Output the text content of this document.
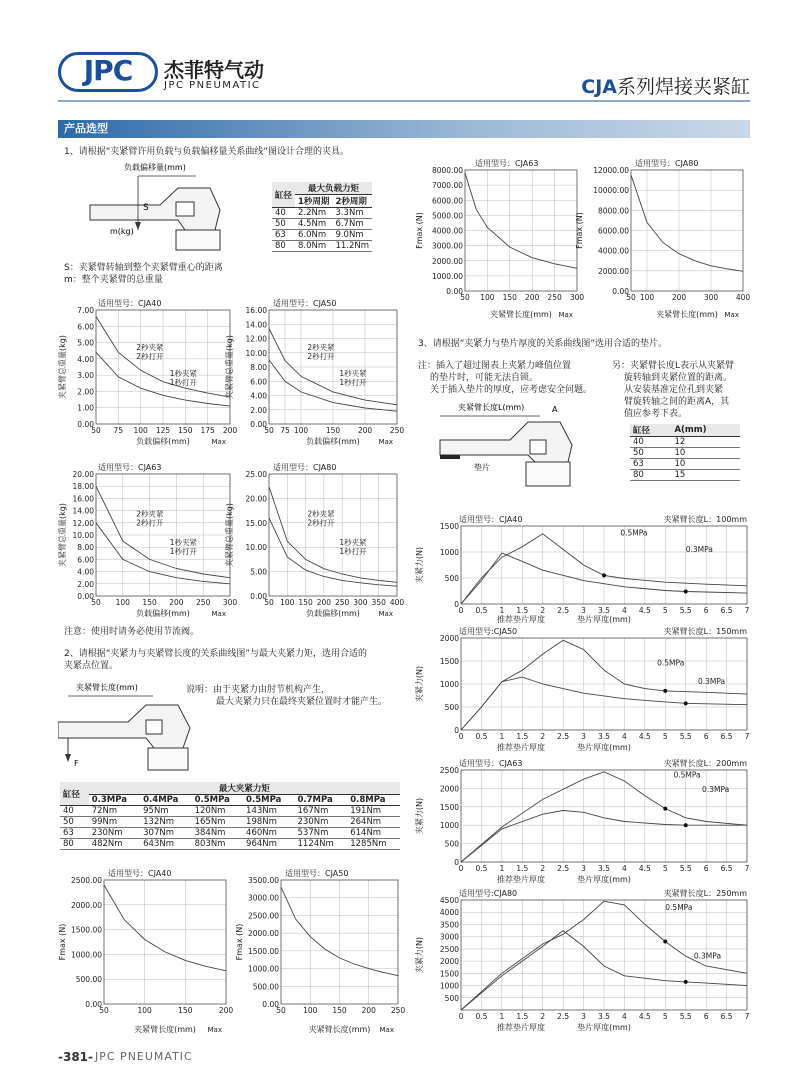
JPC	杰菲特气动
JPC PNEUMATIC	CJA系列焊接夹紧缸
产品选型
1、请根据“夹紧臂许用负载与负载偏移量关系曲线”图设计合理的夹具。
负载偏移量(mm)
S
m(kg)
缸径	最大负载力矩	
	1秒周期	2秒周期
40	2.2Nm	3.3Nm
50	4.5Nm	6.7Nm
63	6.0Nm	9.0Nm
80	8.0Nm	11.2Nm
S：夹紧臂转轴到整个夹紧臂重心的距离
m：整个夹紧臂的总重量
适用型号：CJA40
0.00
1.00
2.00
3.00
4.00
5.00
6.00
7.00
50 75 100 125 150 175 200
负载偏移(mm)	Max
夹紧臂总重量(kg)	2秒夹紧
2秒打开
1秒夹紧
1秒打开
适用型号：CJA50
0.00
2.00
4.00
6.00
8.00
10.00
12.00
14.00
16.00
50 75 100 150 200 250
负载偏移(mm)	Max
夹紧臂总重量(kg)	2秒夹紧
2秒打开
1秒夹紧
1秒打开
适用型号：CJA63
0.00
2.00
4.00
6.00
8.00
10.00
12.00
14.00
16.00
18.00
20.00
50 100 150 200 250 300
负载偏移(mm)	Max
夹紧臂总重量(kg)	2秒夹紧
2秒打开
1秒夹紧
1秒打开
适用型号：CJA80
0.00
5.00
10.00
15.00
20.00
25.00
50 100 150 200 250 300 350 400
负载偏移(mm)	Max
夹紧臂总重量(kg)	2秒夹紧
2秒打开
1秒夹紧
1秒打开
注意：使用时请务必使用节流阀。
2、请根据“夹紧力与夹紧臂长度的关系曲线图”与最大夹紧力矩，选用合适的
夹紧点位置。
夹紧臂长度(mm)
F
说明：由于夹紧力由肘节机构产生，
最大夹紧力只在最终夹紧位置时才能产生。
缸径	最大夹紧力矩					
	0.3MPa	0.4MPa	0.5MPa	0.5MPa	0.7MPa	0.8MPa
40	72Nm	95Nm	120Nm	143Nm	167Nm	191Nm
50	99Nm	132Nm	165Nm	198Nm	230Nm	264Nm
63	230Nm	307Nm	384Nm	460Nm	537Nm	614Nm
80	482Nm	643Nm	803Nm	964Nm	1124Nm	1285Nm
适用型号：CJA40
0.00
500.00
1000.00
1500.00
2000.00
2500.00
50	100	150	200
夹紧臂长度(mm) Max
Fmax (N)
适用型号：CJA50
0.00
500.00
1000.00
1500.00
2000.00
2500.00
3000.00
3500.00
50 100 150 200 250
夹紧臂长度(mm) Max
Fmax (N)
适用型号：CJA63
0.00
1000.00
2000.00
3000.00
4000.00
5000.00
6000.00
7000.00
8000.00
50 100 150 200 250 300
夹紧臂长度(mm) Max
Fmax (N)
适用型号：CJA80
0.00
2000.00
4000.00
6000.00
8000.00
10000.00
12000.00
50 100 200 300 400
夹紧臂长度(mm) Max
Fmax (N)
3、请根据“夹紧力与垫片厚度的关系曲线图”选用合适的垫片。
注：插入了超过图表上夹紧力峰值位置
的垫片时，可能无法自锁。
关于插入垫片的厚度，应考虑安全问题。
另：夹紧臂长度L表示从夹紧臂
旋转轴到夹紧位置的距离。
从安装基准定位孔到夹紧
臂旋转轴之间的距离A，其
值应参考下表。
夹紧臂长度L(mm)	A
垫片
缸径	A(mm)
40	12
50	10
63	10
80	15
适用型号：CJA40	夹紧臂长度L：100mm
0
500
1000
1500
0 0.5 1 1.5 2 2.5 3 3.5 4 4.5 5 5.5 6 6.5 7
垫片厚度(mm)
推荐垫片厚度
夹紧力(N)
0.5MPa
0.3MPa
适用型号:CJA50	夹紧臂长度L：150mm
0
500
1000
1500
2000
0 0.5 1 1.5 2 2.5 3 3.5 4 4.5 5 5.5 6 6.5 7
垫片厚度(mm)
推荐垫片厚度
夹紧力(N)
0.5MPa
0.3MPa
适用型号：CJA63	夹紧臂长度L：200mm
0
500
1000
1500
2000
2500
0 0.5 1 1.5 2 2.5 3 3.5 4 4.5 5 5.5 6 6.5 7
垫片厚度(mm)
推荐垫片厚度
夹紧力(N)
0.5MPa
0.3MPa
适用型号:CJA80	夹紧臂长度L：250mm
500
1000
1500
2000
2500
3000
3500
4000
4500
0 0.5 1 1.5 2 2.5 3 3.5 4 4.5 5 5.5 6 6.5 7
垫片厚度(mm)
推荐垫片厚度
夹紧力(N)
0.5MPa
0.3MPa
-381- JPC PNEUMATIC
